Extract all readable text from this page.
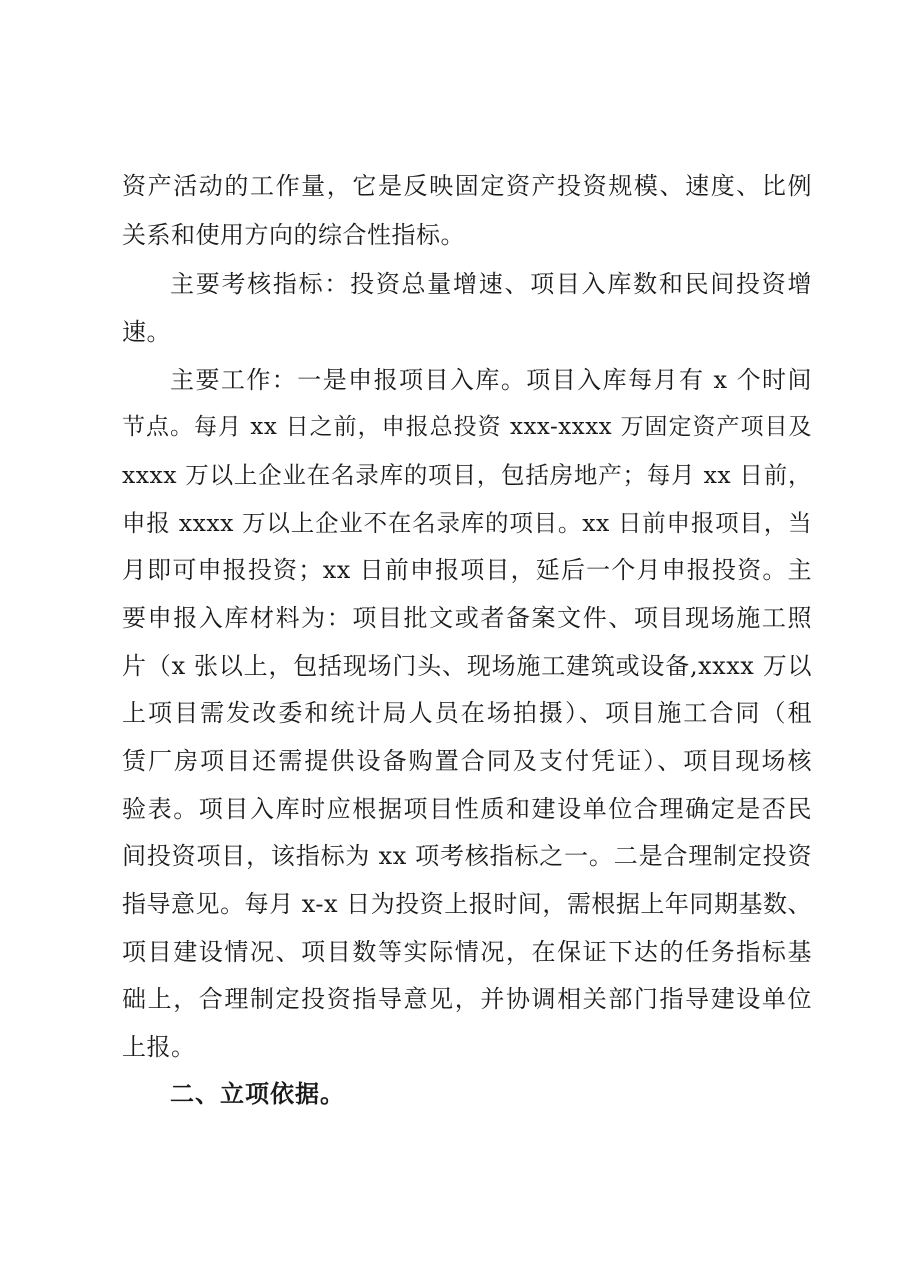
资产活动的工作量，它是反映固定资产投资规模、速度、比例
关系和使用方向的综合性指标。
主要考核指标：投资总量增速、项目入库数和民间投资增
速。
主要工作：一是申报项目入库。项目入库每月有 x 个时间
节点。每月 xx 日之前，申报总投资 xxx-xxxx 万固定资产项目及
xxxx 万以上企业在名录库的项目，包括房地产；每月 xx 日前，
申报 xxxx 万以上企业不在名录库的项目。xx 日前申报项目，当
月即可申报投资；xx 日前申报项目，延后一个月申报投资。主
要申报入库材料为：项目批文或者备案文件、项目现场施工照
片（x 张以上，包括现场门头、现场施工建筑或设备,xxxx 万以
上项目需发改委和统计局人员在场拍摄）、项目施工合同（租
赁厂房项目还需提供设备购置合同及支付凭证）、项目现场核
验表。项目入库时应根据项目性质和建设单位合理确定是否民
间投资项目，该指标为 xx 项考核指标之一。二是合理制定投资
指导意见。每月 x-x 日为投资上报时间，需根据上年同期基数、
项目建设情况、项目数等实际情况，在保证下达的任务指标基
础上，合理制定投资指导意见，并协调相关部门指导建设单位
上报。
二、立项依据。
